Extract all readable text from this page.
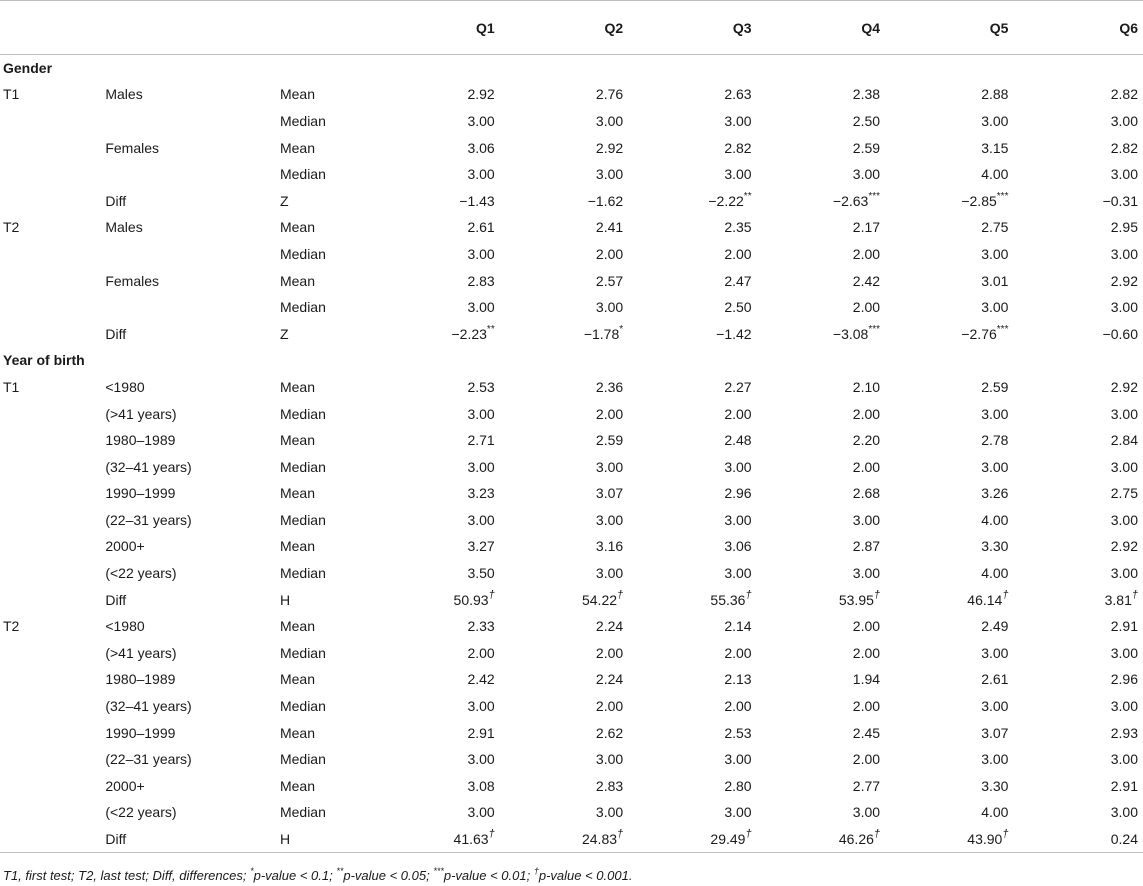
			Q1	Q2	Q3	Q4	Q5	Q6
Gender								
T1	Males	Mean	2.92	2.76	2.63	2.38	2.88	2.82
		Median	3.00	3.00	3.00	2.50	3.00	3.00
	Females	Mean	3.06	2.92	2.82	2.59	3.15	2.82
		Median	3.00	3.00	3.00	3.00	4.00	3.00
	Diff	Z	−1.43	−1.62	−2.22**	−2.63***	−2.85***	−0.31
T2	Males	Mean	2.61	2.41	2.35	2.17	2.75	2.95
		Median	3.00	2.00	2.00	2.00	3.00	3.00
	Females	Mean	2.83	2.57	2.47	2.42	3.01	2.92
		Median	3.00	3.00	2.50	2.00	3.00	3.00
	Diff	Z	−2.23**	−1.78*	−1.42	−3.08***	−2.76***	−0.60
Year of birth								
T1	<1980	Mean	2.53	2.36	2.27	2.10	2.59	2.92
	(>41 years)	Median	3.00	2.00	2.00	2.00	3.00	3.00
	1980–1989	Mean	2.71	2.59	2.48	2.20	2.78	2.84
	(32–41 years)	Median	3.00	3.00	3.00	2.00	3.00	3.00
	1990–1999	Mean	3.23	3.07	2.96	2.68	3.26	2.75
	(22–31 years)	Median	3.00	3.00	3.00	3.00	4.00	3.00
	2000+	Mean	3.27	3.16	3.06	2.87	3.30	2.92
	(<22 years)	Median	3.50	3.00	3.00	3.00	4.00	3.00
	Diff	H	50.93†	54.22†	55.36†	53.95†	46.14†	3.81†
T2	<1980	Mean	2.33	2.24	2.14	2.00	2.49	2.91
	(>41 years)	Median	2.00	2.00	2.00	2.00	3.00	3.00
	1980–1989	Mean	2.42	2.24	2.13	1.94	2.61	2.96
	(32–41 years)	Median	3.00	2.00	2.00	2.00	3.00	3.00
	1990–1999	Mean	2.91	2.62	2.53	2.45	3.07	2.93
	(22–31 years)	Median	3.00	3.00	3.00	2.00	3.00	3.00
	2000+	Mean	3.08	2.83	2.80	2.77	3.30	2.91
	(<22 years)	Median	3.00	3.00	3.00	3.00	4.00	3.00
	Diff	H	41.63†	24.83†	29.49†	46.26†	43.90†	0.24
T1, first test; T2, last test; Diff, differences; *p-value < 0.1; **p-value < 0.05; ***p-value < 0.01; †p-value < 0.001.
